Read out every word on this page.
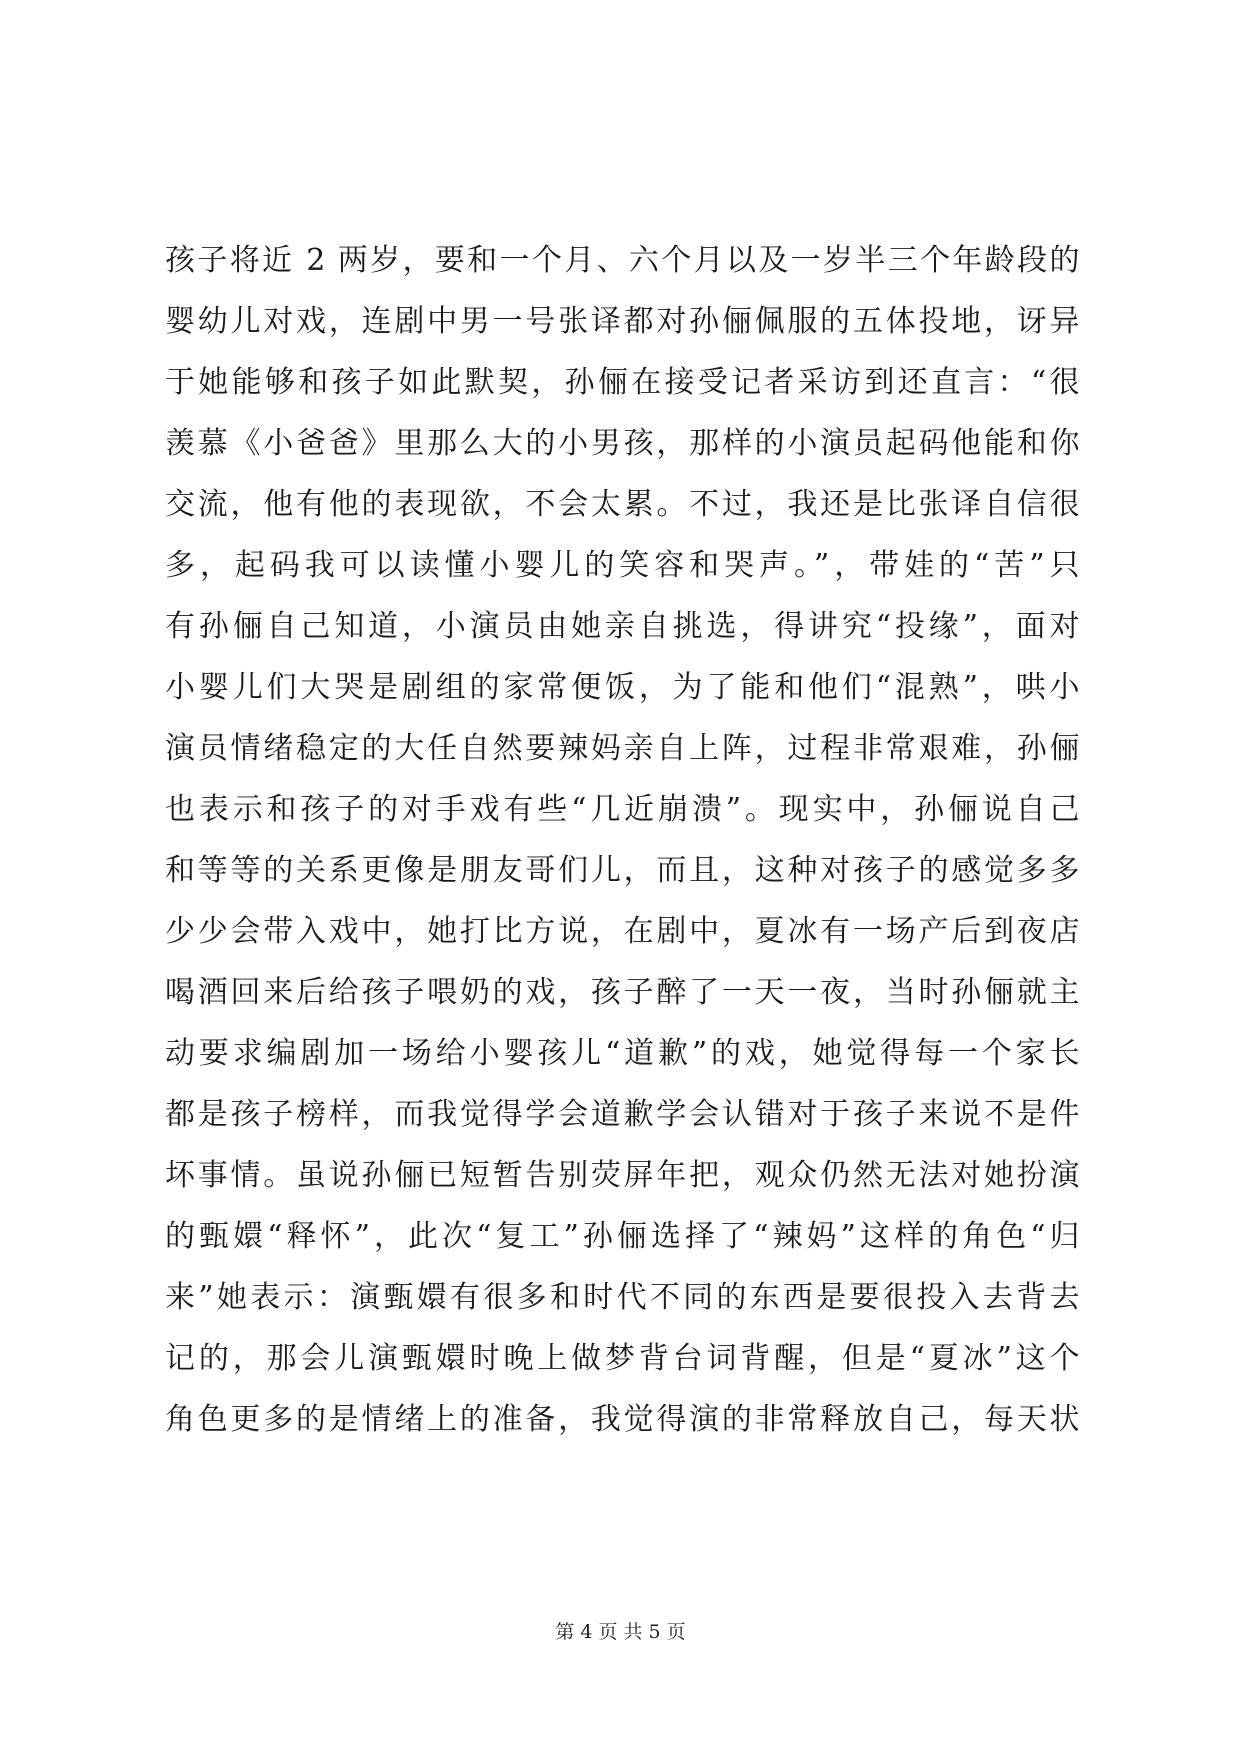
孩子将近 2 两岁，要和一个月、六个月以及一岁半三个年龄段的
婴幼儿对戏，连剧中男一号张译都对孙俪佩服的五体投地，讶异
于她能够和孩子如此默契，孙俪在接受记者采访到还直言：“很
羡慕《小爸爸》里那么大的小男孩，那样的小演员起码他能和你
交流，他有他的表现欲，不会太累。不过，我还是比张译自信很
多，起码我可以读懂小婴儿的笑容和哭声。”，带娃的“苦”只
有孙俪自己知道，小演员由她亲自挑选，得讲究“投缘”，面对
小婴儿们大哭是剧组的家常便饭，为了能和他们“混熟”，哄小
演员情绪稳定的大任自然要辣妈亲自上阵，过程非常艰难，孙俪
也表示和孩子的对手戏有些“几近崩溃”。现实中，孙俪说自己
和等等的关系更像是朋友哥们儿，而且，这种对孩子的感觉多多
少少会带入戏中，她打比方说，在剧中，夏冰有一场产后到夜店
喝酒回来后给孩子喂奶的戏，孩子醉了一天一夜，当时孙俪就主
动要求编剧加一场给小婴孩儿“道歉”的戏，她觉得每一个家长
都是孩子榜样，而我觉得学会道歉学会认错对于孩子来说不是件
坏事情。虽说孙俪已短暂告别荧屏年把，观众仍然无法对她扮演
的甄嬛“释怀”，此次“复工”孙俪选择了“辣妈”这样的角色“归
来”她表示：演甄嬛有很多和时代不同的东西是要很投入去背去
记的，那会儿演甄嬛时晚上做梦背台词背醒，但是“夏冰”这个
角色更多的是情绪上的准备，我觉得演的非常释放自己，每天状
第 4 页 共 5 页
